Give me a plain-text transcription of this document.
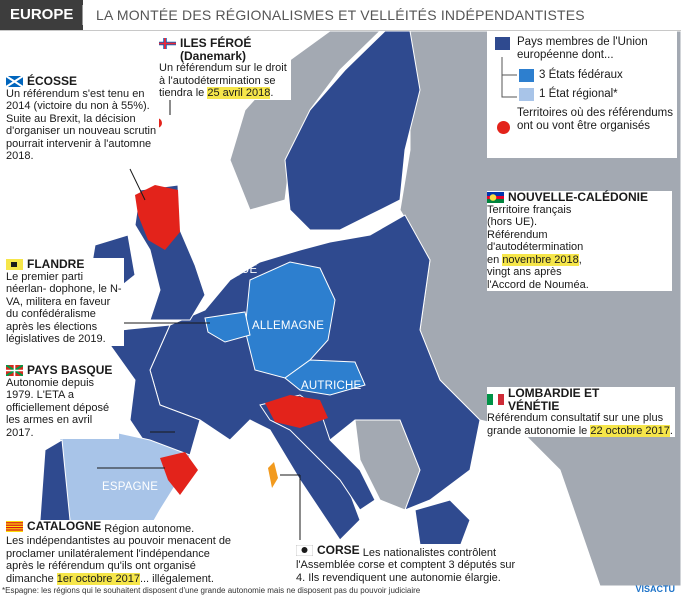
EUROPE	LA MONTÉE DES RÉGIONALISMES ET VELLÉITÉS INDÉPENDANTISTES
BELGIQUE
ALLEMAGNE
AUTRICHE
ESPAGNE
Pays membres de l'Union européenne dont...
3 États fédéraux
1 État régional*
Territoires où des référendums ont ou vont être organisés
ÉCOSSE
Un référendum s'est tenu en 2014 (victoire du non à 55%). Suite au Brexit, la décision d'organiser un nouveau scrutin pourrait intervenir à l'automne 2018.
ILES FÉROÉ
(Danemark)
Un référendum sur le droit à l'autodétermination se tiendra le 25 avril 2018.
NOUVELLE-CALÉDONIE
Territoire français (hors UE). Référendum d'autodétermination en novembre 2018, vingt ans après l'Accord de Nouméa.
FLANDRE
Le premier parti néerlan- dophone, le N-VA, militera en faveur du confédéralisme après les élections législatives de 2019.
PAYS BASQUE
Autonomie depuis 1979. L'ETA a officiellement déposé les armes en avril 2017.
LOMBARDIE ET VÉNÉTIE
Référendum consultatif sur une plus grande autonomie le 22 octobre 2017.
CATALOGNE Région autonome.
Les indépendantistes au pouvoir menacent de proclamer unilatéralement l'indépendance après le référendum qu'ils ont organisé dimanche 1er octobre 2017... illégalement.
CORSE Les nationalistes contrôlent l'Assemblée corse et comptent 3 députés sur 4. Ils revendiquent une autonomie élargie.
*Espagne: les régions qui le souhaitent disposent d'une grande autonomie mais ne disposent pas du pouvoir judiciaire	VISACTU
